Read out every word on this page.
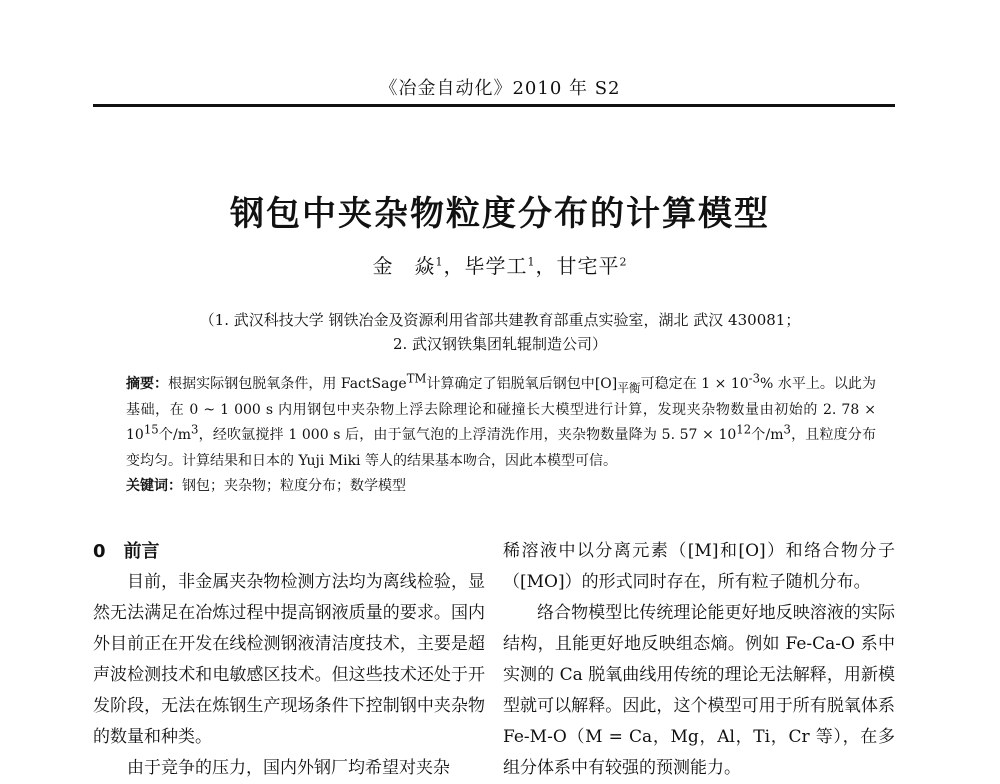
《冶金自动化》2010 年 S2
钢包中夹杂物粒度分布的计算模型
金　焱$^1$，毕学工$^1$，甘宅平$^2$
（1. 武汉科技大学 钢铁冶金及资源利用省部共建教育部重点实验室，湖北 武汉 430081；
2. 武汉钢铁集团轧辊制造公司）

摘要：根据实际钢包脱氧条件，用 FactSage™计算确定了铝脱氧后钢包中$[O]_{平衡}$可稳定在 $1 \times 10^{-3}\%$ 水平上。以此为基础，在 0 ~ 1 000 s 内用钢包中夹杂物上浮去除理论和碰撞长大模型进行计算，发现夹杂物数量由初始的 2. $78 \times 10^{15}$个$/m^3$，经吹氩搅拌 1 000 s 后，由于氩气泡的上浮清洗作用，夹杂物数量降为 5. $57 \times 10^{12}$个$/m^3$，且粒度分布变均匀。计算结果和日本的 Yuji Miki 等人的结果基本吻合，因此本模型可信。

关键词：钢包；夹杂物；粒度分布；数学模型

0　前言

目前，非金属夹杂物检测方法均为离线检验，显然无法满足在冶炼过程中提高钢液质量的要求。国内外目前正在开发在线检测钢液清洁度技术，主要是超声波检测技术和电敏感区技术。但这些技术还处于开发阶段，无法在炼钢生产现场条件下控制钢中夹杂物的数量和种类。

由于竞争的压力，国内外钢厂均希望对夹杂

稀溶液中以分离元素（[M]和[O]）和络合物分子（[MO]）的形式同时存在，所有粒子随机分布。

络合物模型比传统理论能更好地反映溶液的实际结构，且能更好地反映组态熵。例如 Fe-Ca-O 系中实测的 Ca 脱氧曲线用传统的理论无法解释，用新模型就可以解释。因此，这个模型可用于所有脱氧体系 Fe-M-O（M = Ca，Mg，Al，Ti，Cr 等），在多组分体系中有较强的预测能力。
